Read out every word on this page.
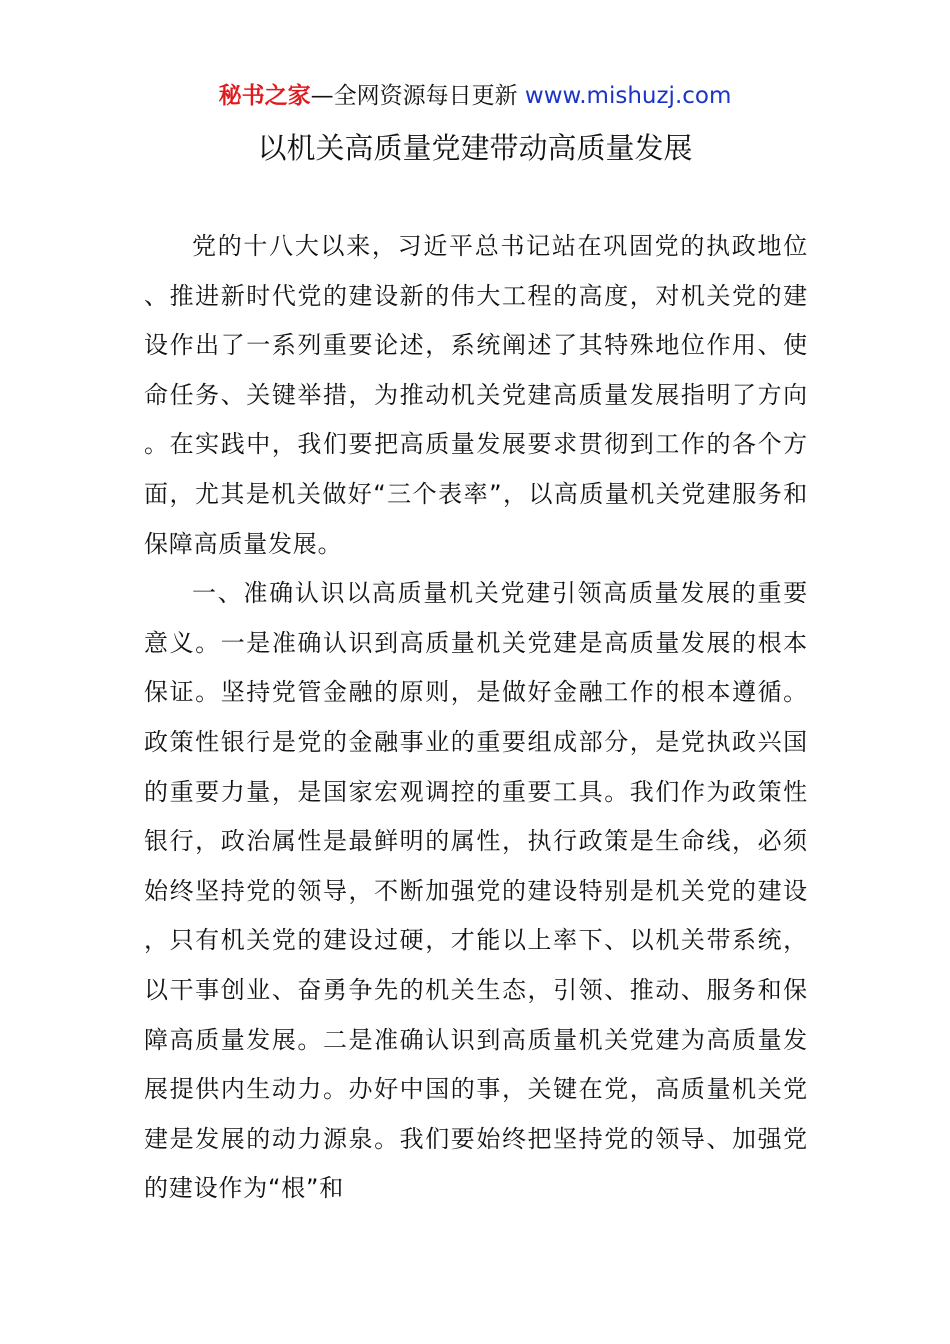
秘书之家—全网资源每日更新 www.mishuzj.com
以机关高质量党建带动高质量发展

党的十八大以来，习近平总书记站在巩固党的执政地位、推进新时代党的建设新的伟大工程的高度，对机关党的建设作出了一系列重要论述，系统阐述了其特殊地位作用、使命任务、关键举措，为推动机关党建高质量发展指明了方向。在实践中，我们要把高质量发展要求贯彻到工作的各个方面，尤其是机关做好“三个表率”，以高质量机关党建服务和保障高质量发展。

一、准确认识以高质量机关党建引领高质量发展的重要意义。一是准确认识到高质量机关党建是高质量发展的根本保证。坚持党管金融的原则，是做好金融工作的根本遵循。政策性银行是党的金融事业的重要组成部分，是党执政兴国的重要力量，是国家宏观调控的重要工具。我们作为政策性银行，政治属性是最鲜明的属性，执行政策是生命线，必须始终坚持党的领导，不断加强党的建设特别是机关党的建设，只有机关党的建设过硬，才能以上率下、以机关带系统，以干事创业、奋勇争先的机关生态，引领、推动、服务和保障高质量发展。二是准确认识到高质量机关党建为高质量发展提供内生动力。办好中国的事，关键在党，高质量机关党建是发展的动力源泉。我们要始终把坚持党的领导、加强党的建设作为“根”和
